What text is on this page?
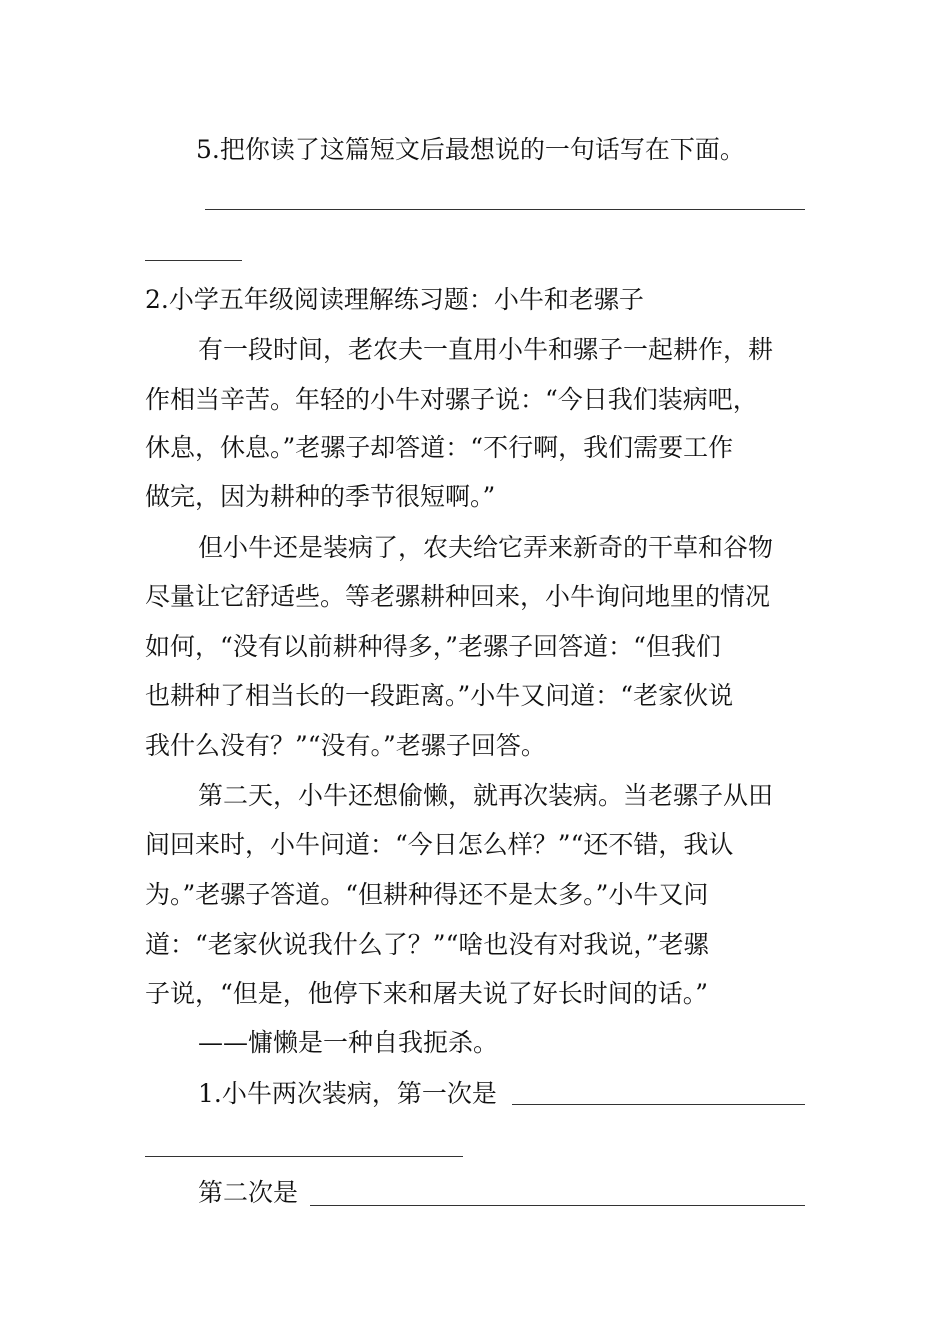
5.把你读了这篇短文后最想说的一句话写在下面。
2.小学五年级阅读理解练习题：小牛和老骡子
有一段时间，老农夫一直用小牛和骡子一起耕作，耕
作相当辛苦。年轻的小牛对骡子说：“今日我们装病吧，
休息，休息。”老骡子却答道：“不行啊，我们需要工作
做完，因为耕种的季节很短啊。”
但小牛还是装病了，农夫给它弄来新奇的干草和谷物
尽量让它舒适些。等老骡耕种回来，小牛询问地里的情况
如何，“没有以前耕种得多，”老骡子回答道：“但我们
也耕种了相当长的一段距离。”小牛又问道：“老家伙说
我什么没有？”“没有。”老骡子回答。
第二天，小牛还想偷懒，就再次装病。当老骡子从田
间回来时，小牛问道：“今日怎么样？”“还不错，我认
为。”老骡子答道。“但耕种得还不是太多。”小牛又问
道：“老家伙说我什么了？”“啥也没有对我说，”老骡
子说，“但是，他停下来和屠夫说了好长时间的话。”
——慵懒是一种自我扼杀。
1.小牛两次装病，第一次是
第二次是
